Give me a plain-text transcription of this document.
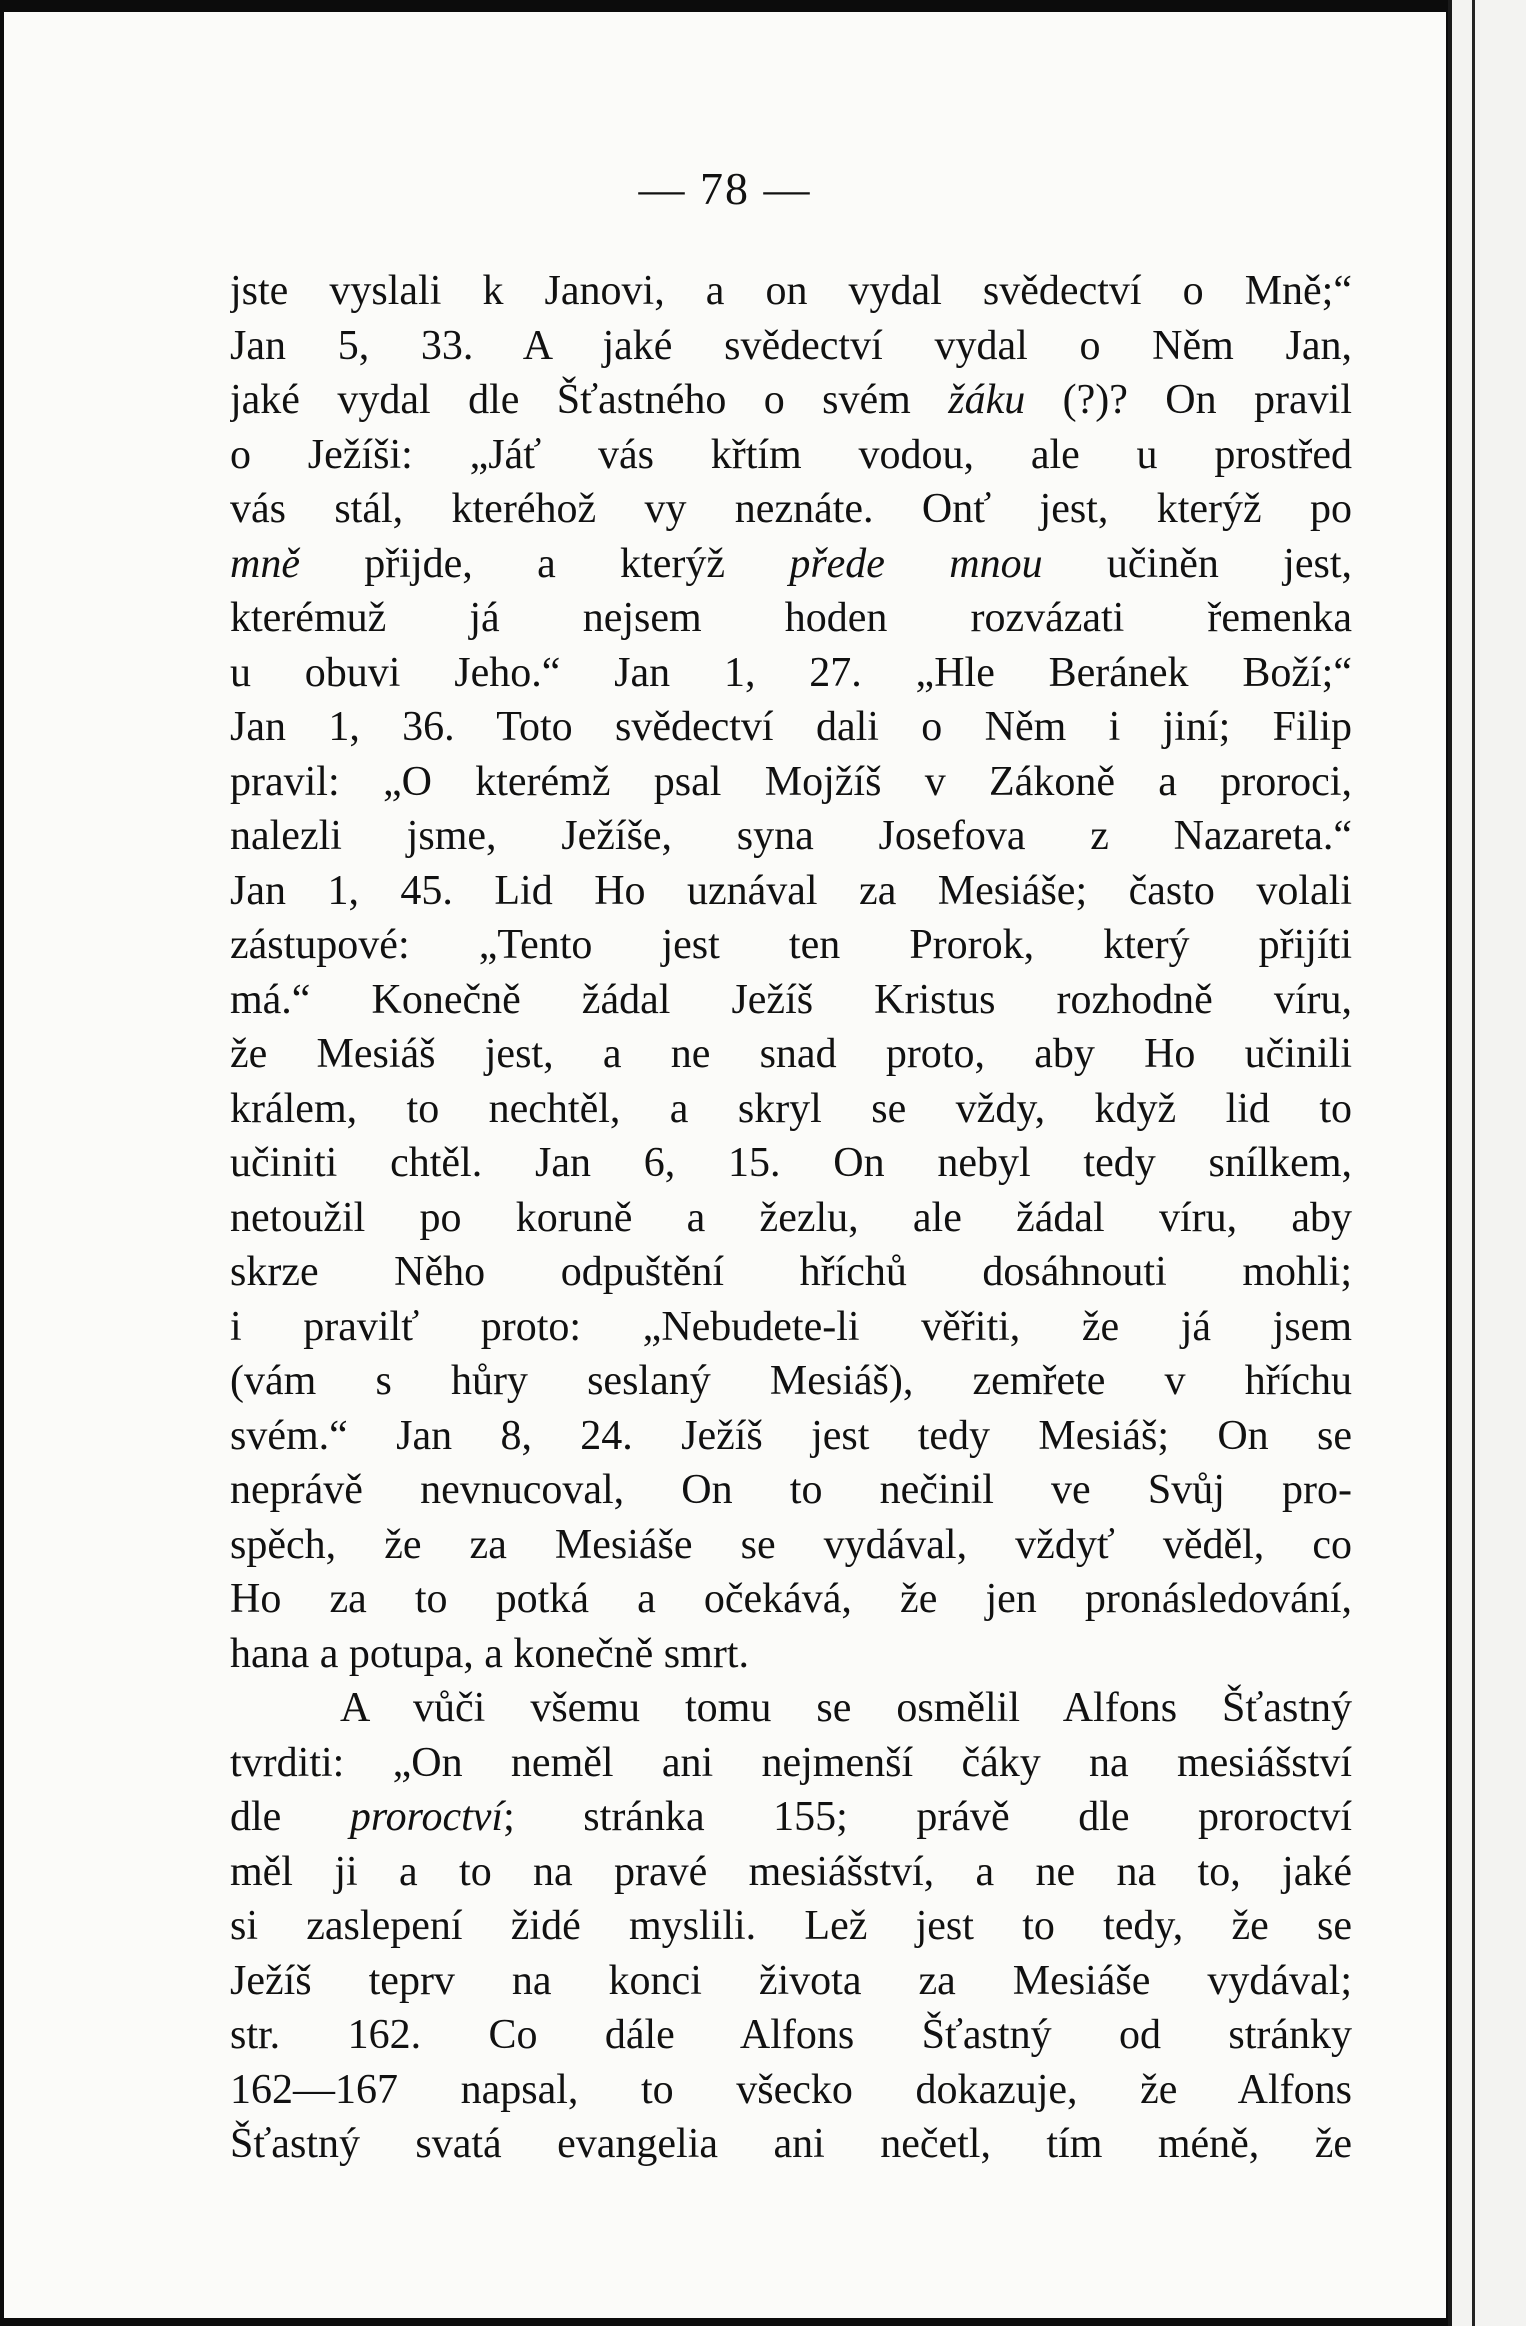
— 78 —
jste vyslali k Janovi, a on vydal svědectví o Mně;“
Jan 5, 33. A jaké svědectví vydal o Něm Jan,
jaké vydal dle Šťastného o svém žáku (?)? On pravil
o Ježíši: „Jáť vás křtím vodou, ale u prostřed
vás stál, kteréhož vy neznáte. Onť jest, kterýž po
mně přijde, a kterýž přede mnou učiněn jest,
kterémuž já nejsem hoden rozvázati řemenka
u obuvi Jeho.“ Jan 1, 27. „Hle Beránek Boží;“
Jan 1, 36. Toto svědectví dali o Něm i jiní; Filip
pravil: „O kterémž psal Mojžíš v Zákoně a proroci,
nalezli jsme, Ježíše, syna Josefova z Nazareta.“
Jan 1, 45. Lid Ho uznával za Mesiáše; často volali
zástupové: „Tento jest ten Prorok, který přijíti
má.“ Konečně žádal Ježíš Kristus rozhodně víru,
že Mesiáš jest, a ne snad proto, aby Ho učinili
králem, to nechtěl, a skryl se vždy, když lid to
učiniti chtěl. Jan 6, 15. On nebyl tedy snílkem,
netoužil po koruně a žezlu, ale žádal víru, aby
skrze Něho odpuštění hříchů dosáhnouti mohli;
i pravilť proto: „Nebudete-li věřiti, že já jsem
(vám s hůry seslaný Mesiáš), zemřete v hříchu
svém.“ Jan 8, 24. Ježíš jest tedy Mesiáš; On se
neprávě nevnucoval, On to nečinil ve Svůj pro-
spěch, že za Mesiáše se vydával, vždyť věděl, co
Ho za to potká a očekává, že jen pronásledování,
hana a potupa, a konečně smrt.
A vůči všemu tomu se osmělil Alfons Šťastný
tvrditi: „On neměl ani nejmenší čáky na mesiášství
dle proroctví; stránka 155; právě dle proroctví
měl ji a to na pravé mesiášství, a ne na to, jaké
si zaslepení židé myslili. Lež jest to tedy, že se
Ježíš teprv na konci života za Mesiáše vydával;
str. 162. Co dále Alfons Šťastný od stránky
162—167 napsal, to všecko dokazuje, že Alfons
Šťastný svatá evangelia ani nečetl, tím méně, že
